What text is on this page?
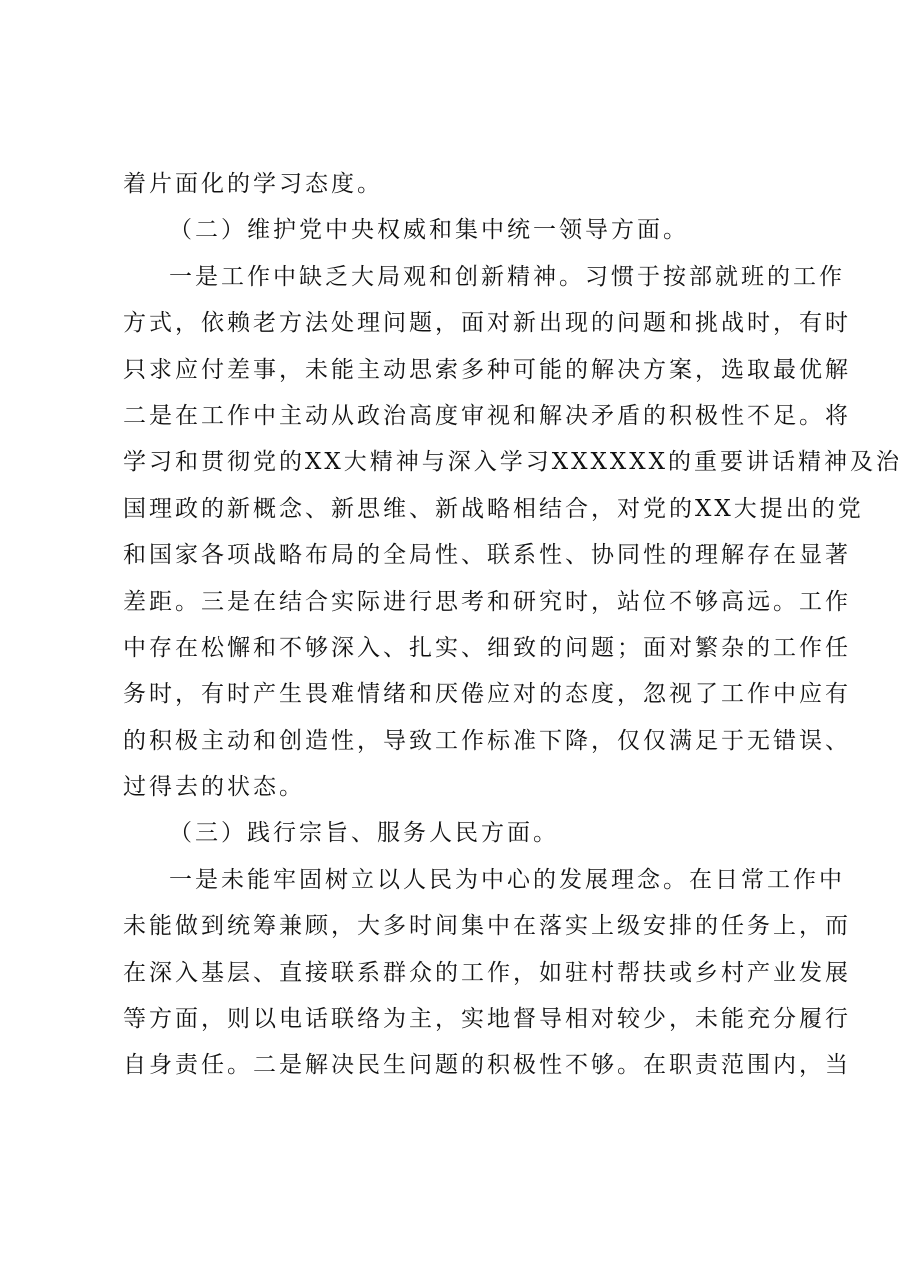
着片面化的学习态度。
（二）维护党中央权威和集中统一领导方面。
一是工作中缺乏大局观和创新精神。习惯于按部就班的工作
方式，依赖老方法处理问题，面对新出现的问题和挑战时，有时
只求应付差事，未能主动思索多种可能的解决方案，选取最优解
二是在工作中主动从政治高度审视和解决矛盾的积极性不足。将
学习和贯彻党的XX大精神与深入学习XXXXXX的重要讲话精神及治
国理政的新概念、新思维、新战略相结合，对党的XX大提出的党
和国家各项战略布局的全局性、联系性、协同性的理解存在显著
差距。三是在结合实际进行思考和研究时，站位不够高远。工作
中存在松懈和不够深入、扎实、细致的问题；面对繁杂的工作任
务时，有时产生畏难情绪和厌倦应对的态度，忽视了工作中应有
的积极主动和创造性，导致工作标准下降，仅仅满足于无错误、
过得去的状态。
（三）践行宗旨、服务人民方面。
一是未能牢固树立以人民为中心的发展理念。在日常工作中
未能做到统筹兼顾，大多时间集中在落实上级安排的任务上，而
在深入基层、直接联系群众的工作，如驻村帮扶或乡村产业发展
等方面，则以电话联络为主，实地督导相对较少，未能充分履行
自身责任。二是解决民生问题的积极性不够。在职责范围内，当
